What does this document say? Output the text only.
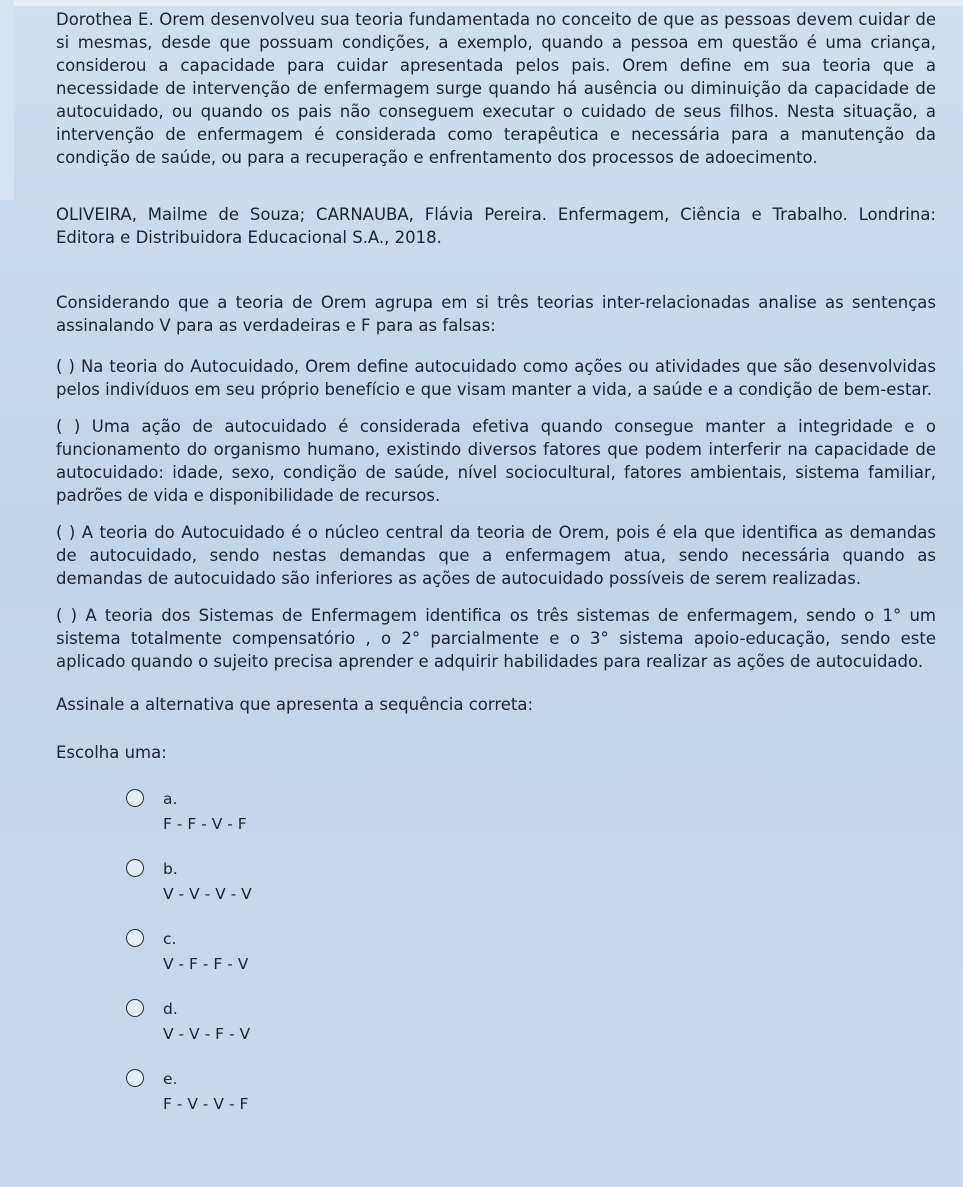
Dorothea E. Orem desenvolveu sua teoria fundamentada no conceito de que as pessoas devem cuidar de si mesmas, desde que possuam condições, a exemplo, quando a pessoa em questão é uma criança, considerou a capacidade para cuidar apresentada pelos pais. Orem define em sua teoria que a necessidade de intervenção de enfermagem surge quando há ausência ou diminuição da capacidade de autocuidado, ou quando os pais não conseguem executar o cuidado de seus filhos. Nesta situação, a intervenção de enfermagem é considerada como terapêutica e necessária para a manutenção da condição de saúde, ou para a recuperação e enfrentamento dos processos de adoecimento.

OLIVEIRA, Mailme de Souza; CARNAUBA, Flávia Pereira. Enfermagem, Ciência e Trabalho. Londrina: Editora e Distribuidora Educacional S.A., 2018.

Considerando que a teoria de Orem agrupa em si três teorias inter-relacionadas analise as sentenças assinalando V para as verdadeiras e F para as falsas:

( ) Na teoria do Autocuidado, Orem define autocuidado como ações ou atividades que são desenvolvidas pelos indivíduos em seu próprio benefício e que visam manter a vida, a saúde e a condição de bem-estar.

( ) Uma ação de autocuidado é considerada efetiva quando consegue manter a integridade e o funcionamento do organismo humano, existindo diversos fatores que podem interferir na capacidade de autocuidado: idade, sexo, condição de saúde, nível sociocultural, fatores ambientais, sistema familiar, padrões de vida e disponibilidade de recursos.

( ) A teoria do Autocuidado é o núcleo central da teoria de Orem, pois é ela que identifica as demandas de autocuidado, sendo nestas demandas que a enfermagem atua, sendo necessária quando as demandas de autocuidado são inferiores as ações de autocuidado possíveis de serem realizadas.

( ) A teoria dos Sistemas de Enfermagem identifica os três sistemas de enfermagem, sendo o 1° um sistema totalmente compensatório , o 2° parcialmente e o 3° sistema apoio-educação, sendo este aplicado quando o sujeito precisa aprender e adquirir habilidades para realizar as ações de autocuidado.

Assinale a alternativa que apresenta a sequência correta:

Escolha uma:

a.
F - F - V - F
b.
V - V - V - V
c.
V - F - F - V
d.
V - V - F - V
e.
F - V - V - F
